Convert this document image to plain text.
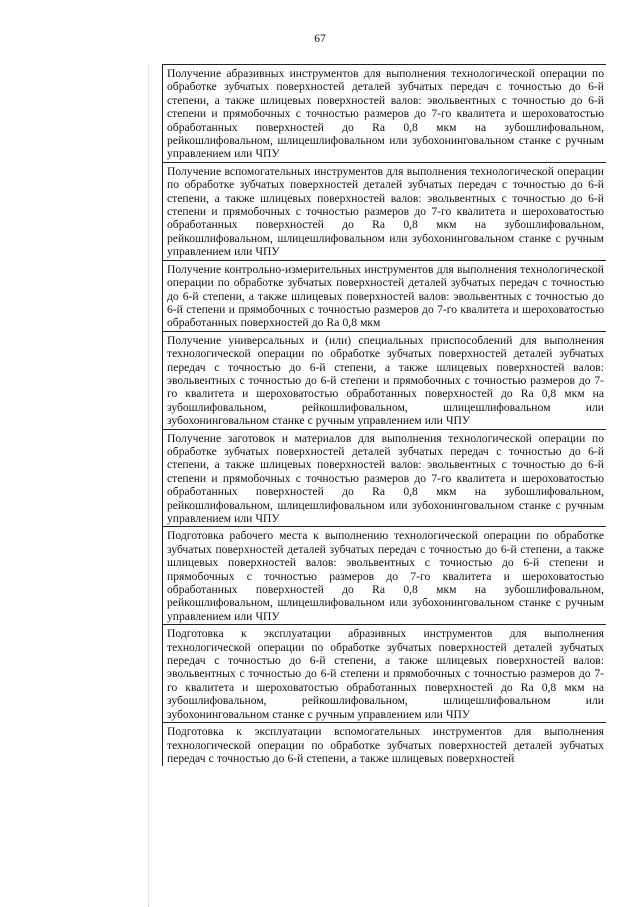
67
Получение абразивных инструментов для выполнения технологической операции по обработке зубчатых поверхностей деталей зубчатых передач с точностью до 6-й степени, а также шлицевых поверхностей валов: эвольвентных с точностью до 6-й степени и прямобочных с точностью размеров до 7-го квалитета и шероховатостью обработанных поверхностей до Ra 0,8 мкм на зубошлифовальном, рейкошлифовальном, шлицешлифовальном или зубохонинговальном станке с ручным управлением или ЧПУ
Получение вспомогательных инструментов для выполнения технологической операции по обработке зубчатых поверхностей деталей зубчатых передач с точностью до 6-й степени, а также шлицевых поверхностей валов: эвольвентных с точностью до 6-й степени и прямобочных с точностью размеров до 7-го квалитета и шероховатостью обработанных поверхностей до Ra 0,8 мкм на зубошлифовальном, рейкошлифовальном, шлицешлифовальном или зубохонинговальном станке с ручным управлением или ЧПУ
Получение контрольно-измерительных инструментов для выполнения технологической операции по обработке зубчатых поверхностей деталей зубчатых передач с точностью до 6-й степени, а также шлицевых поверхностей валов: эвольвентных с точностью до 6-й степени и прямобочных с точностью размеров до 7-го квалитета и шероховатостью обработанных поверхностей до Ra 0,8 мкм
Получение универсальных и (или) специальных приспособлений для выполнения технологической операции по обработке зубчатых поверхностей деталей зубчатых передач с точностью до 6-й степени, а также шлицевых поверхностей валов: эвольвентных с точностью до 6-й степени и прямобочных с точностью размеров до 7-го квалитета и шероховатостью обработанных поверхностей до Ra 0,8 мкм на зубошлифовальном, рейкошлифовальном, шлицешлифовальном или зубохонинговальном станке с ручным управлением или ЧПУ
Получение заготовок и материалов для выполнения технологической операции по обработке зубчатых поверхностей деталей зубчатых передач с точностью до 6-й степени, а также шлицевых поверхностей валов: эвольвентных с точностью до 6-й степени и прямобочных с точностью размеров до 7-го квалитета и шероховатостью обработанных поверхностей до Ra 0,8 мкм на зубошлифовальном, рейкошлифовальном, шлицешлифовальном или зубохонинговальном станке с ручным управлением или ЧПУ
Подготовка рабочего места к выполнению технологической операции по обработке зубчатых поверхностей деталей зубчатых передач с точностью до 6-й степени, а также шлицевых поверхностей валов: эвольвентных с точностью до 6-й степени и прямобочных с точностью размеров до 7-го квалитета и шероховатостью обработанных поверхностей до Ra 0,8 мкм на зубошлифовальном, рейкошлифовальном, шлицешлифовальном или зубохонинговальном станке с ручным управлением или ЧПУ
Подготовка к эксплуатации абразивных инструментов для выполнения технологической операции по обработке зубчатых поверхностей деталей зубчатых передач с точностью до 6-й степени, а также шлицевых поверхностей валов: эвольвентных с точностью до 6-й степени и прямобочных с точностью размеров до 7-го квалитета и шероховатостью обработанных поверхностей до Ra 0,8 мкм на зубошлифовальном, рейкошлифовальном, шлицешлифовальном или зубохонинговальном станке с ручным управлением или ЧПУ
Подготовка к эксплуатации вспомогательных инструментов для выполнения технологической операции по обработке зубчатых поверхностей деталей зубчатых передач с точностью до 6-й степени, а также шлицевых поверхностей
